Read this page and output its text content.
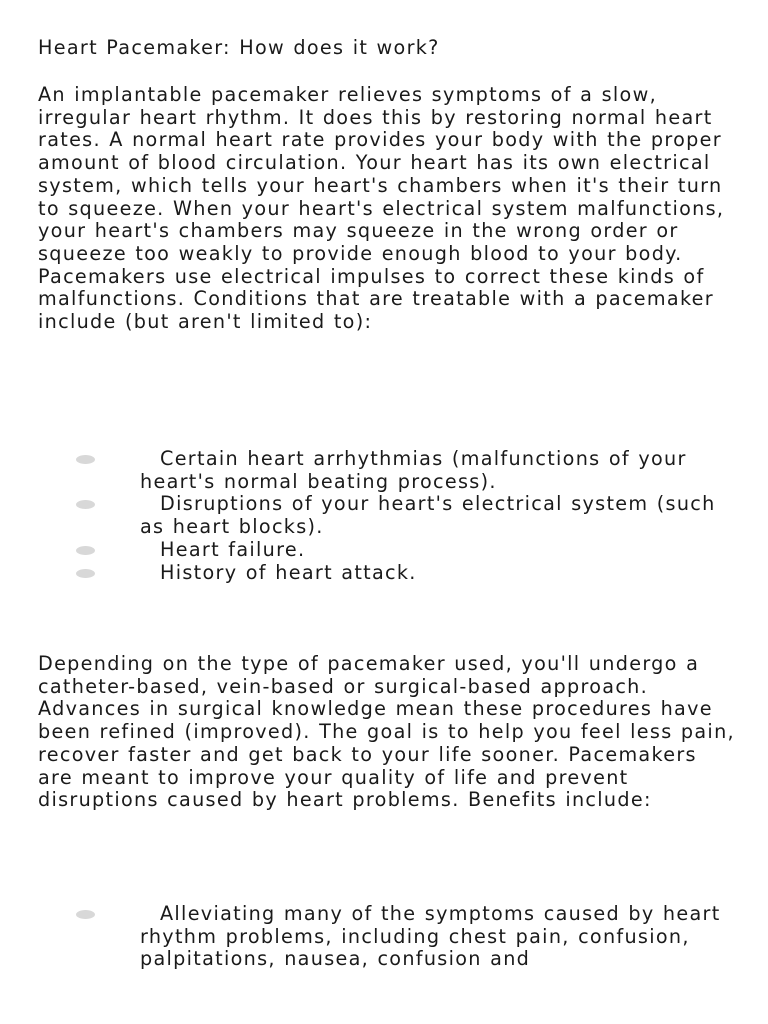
Heart Pacemaker: How does it work?

An implantable pacemaker relieves symptoms of a slow, irregular heart rhythm. It does this by restoring normal heart rates. A normal heart rate provides your body with the proper amount of blood circulation. Your heart has its own electrical system, which tells your heart's chambers when it's their turn to squeeze. When your heart's electrical system malfunctions, your heart's chambers may squeeze in the wrong order or squeeze too weakly to provide enough blood to your body. Pacemakers use electrical impulses to correct these kinds of malfunctions. Conditions that are treatable with a pacemaker include (but aren't limited to):

Certain heart arrhythmias (malfunctions of your heart's normal beating process).
Disruptions of your heart's electrical system (such as heart blocks).
Heart failure.
History of heart attack.

Depending on the type of pacemaker used, you'll undergo a catheter-based, vein-based or surgical-based approach. Advances in surgical knowledge mean these procedures have been refined (improved). The goal is to help you feel less pain, recover faster and get back to your life sooner. Pacemakers are meant to improve your quality of life and prevent disruptions caused by heart problems. Benefits include:

Alleviating many of the symptoms caused by heart rhythm problems, including chest pain, confusion, palpitations, nausea, confusion and
